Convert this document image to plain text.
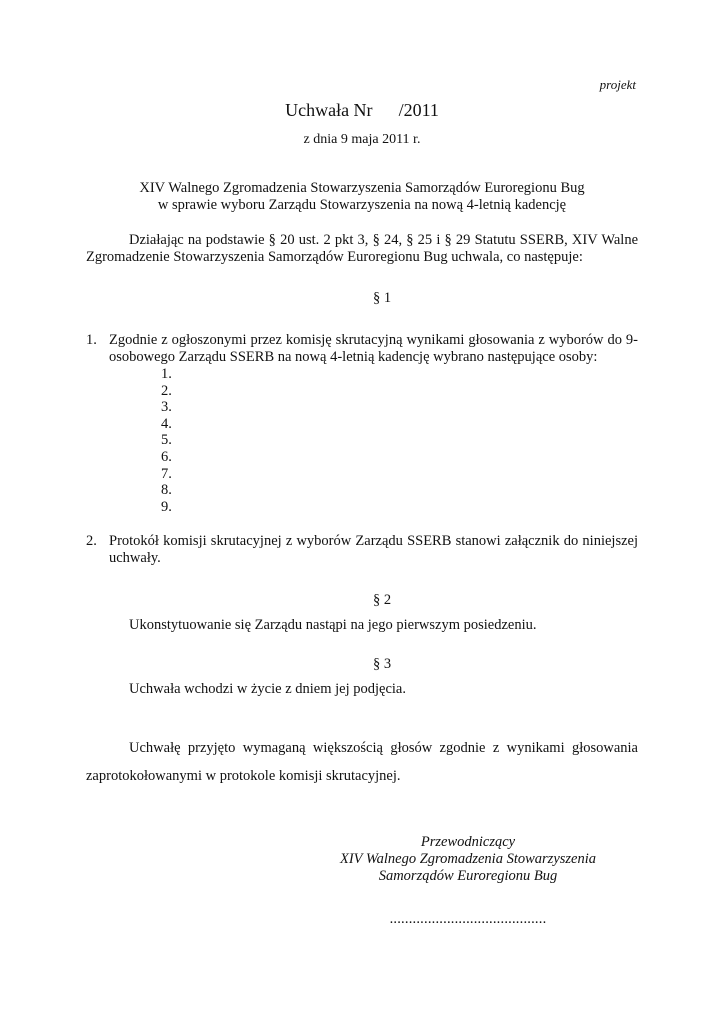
projekt
Uchwała Nr /2011
z dnia 9 maja 2011 r.
XIV Walnego Zgromadzenia Stowarzyszenia Samorządów Euroregionu Bug
w sprawie wyboru Zarządu Stowarzyszenia na nową 4-letnią kadencję
Działając na podstawie § 20 ust. 2 pkt 3, § 24, § 25 i § 29 Statutu SSERB, XIV Walne Zgromadzenie Stowarzyszenia Samorządów Euroregionu Bug uchwala, co następuje:
§ 1
1. Zgodnie z ogłoszonymi przez komisję skrutacyjną wynikami głosowania z wyborów do 9-osobowego Zarządu SSERB na nową 4-letnią kadencję wybrano następujące osoby:
1.
2.
3.
4.
5.
6.
7.
8.
9.
2. Protokół komisji skrutacyjnej z wyborów Zarządu SSERB stanowi załącznik do niniejszej uchwały.
§ 2
Ukonstytuowanie się Zarządu nastąpi na jego pierwszym posiedzeniu.
§ 3
Uchwała wchodzi w życie z dniem jej podjęcia.
Uchwałę przyjęto wymaganą większością głosów zgodnie z wynikami głosowania zaprotokołowanymi w protokole komisji skrutacyjnej.
Przewodniczący
XIV Walnego Zgromadzenia Stowarzyszenia
Samorządów Euroregionu Bug
.........................................
